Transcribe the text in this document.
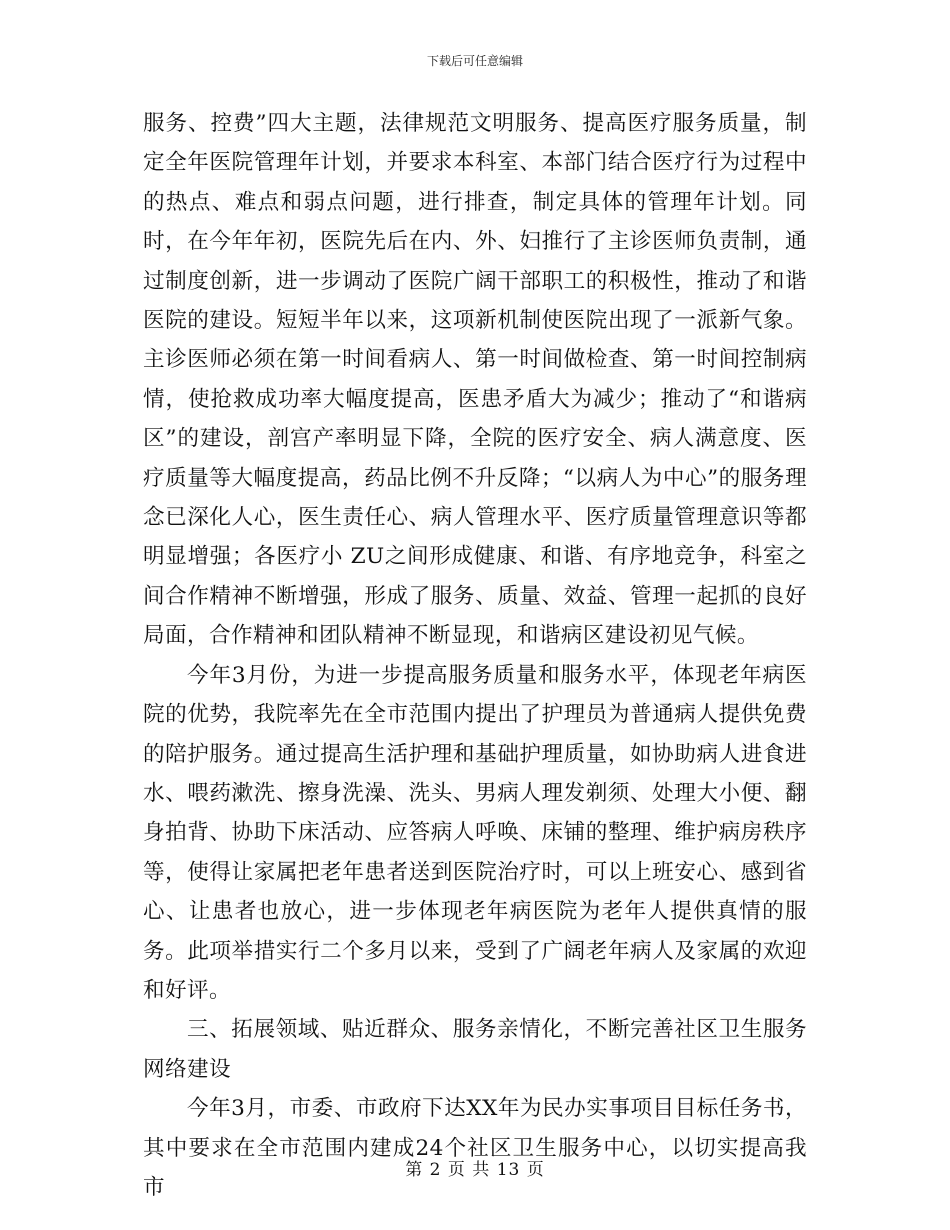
下载后可任意编辑

服务、控费”四大主题，法律规范文明服务、提高医疗服务质量，制定全年医院管理年计划，并要求本科室、本部门结合医疗行为过程中的热点、难点和弱点问题，进行排查，制定具体的管理年计划。同时，在今年年初，医院先后在内、外、妇推行了主诊医师负责制，通过制度创新，进一步调动了医院广阔干部职工的积极性，推动了和谐医院的建设。短短半年以来，这项新机制使医院出现了一派新气象。主诊医师必须在第一时间看病人、第一时间做检查、第一时间控制病情，使抢救成功率大幅度提高，医患矛盾大为减少；推动了“和谐病区”的建设，剖宫产率明显下降，全院的医疗安全、病人满意度、医疗质量等大幅度提高，药品比例不升反降；“以病人为中心”的服务理念已深化人心，医生责任心、病人管理水平、医疗质量管理意识等都明显增强；各医疗小 ZU之间形成健康、和谐、有序地竞争，科室之间合作精神不断增强，形成了服务、质量、效益、管理一起抓的良好局面，合作精神和团队精神不断显现，和谐病区建设初见气候。

今年3月份，为进一步提高服务质量和服务水平，体现老年病医院的优势，我院率先在全市范围内提出了护理员为普通病人提供免费的陪护服务。通过提高生活护理和基础护理质量，如协助病人进食进水、喂药漱洗、擦身洗澡、洗头、男病人理发剃须、处理大小便、翻身拍背、协助下床活动、应答病人呼唤、床铺的整理、维护病房秩序等，使得让家属把老年患者送到医院治疗时，可以上班安心、感到省心、让患者也放心，进一步体现老年病医院为老年人提供真情的服务。此项举措实行二个多月以来，受到了广阔老年病人及家属的欢迎和好评。

三、拓展领域、贴近群众、服务亲情化，不断完善社区卫生服务网络建设

今年3月，市委、市政府下达XX年为民办实事项目目标任务书，其中要求在全市范围内建成24个社区卫生服务中心，以切实提高我市

第 2 页 共 13 页
